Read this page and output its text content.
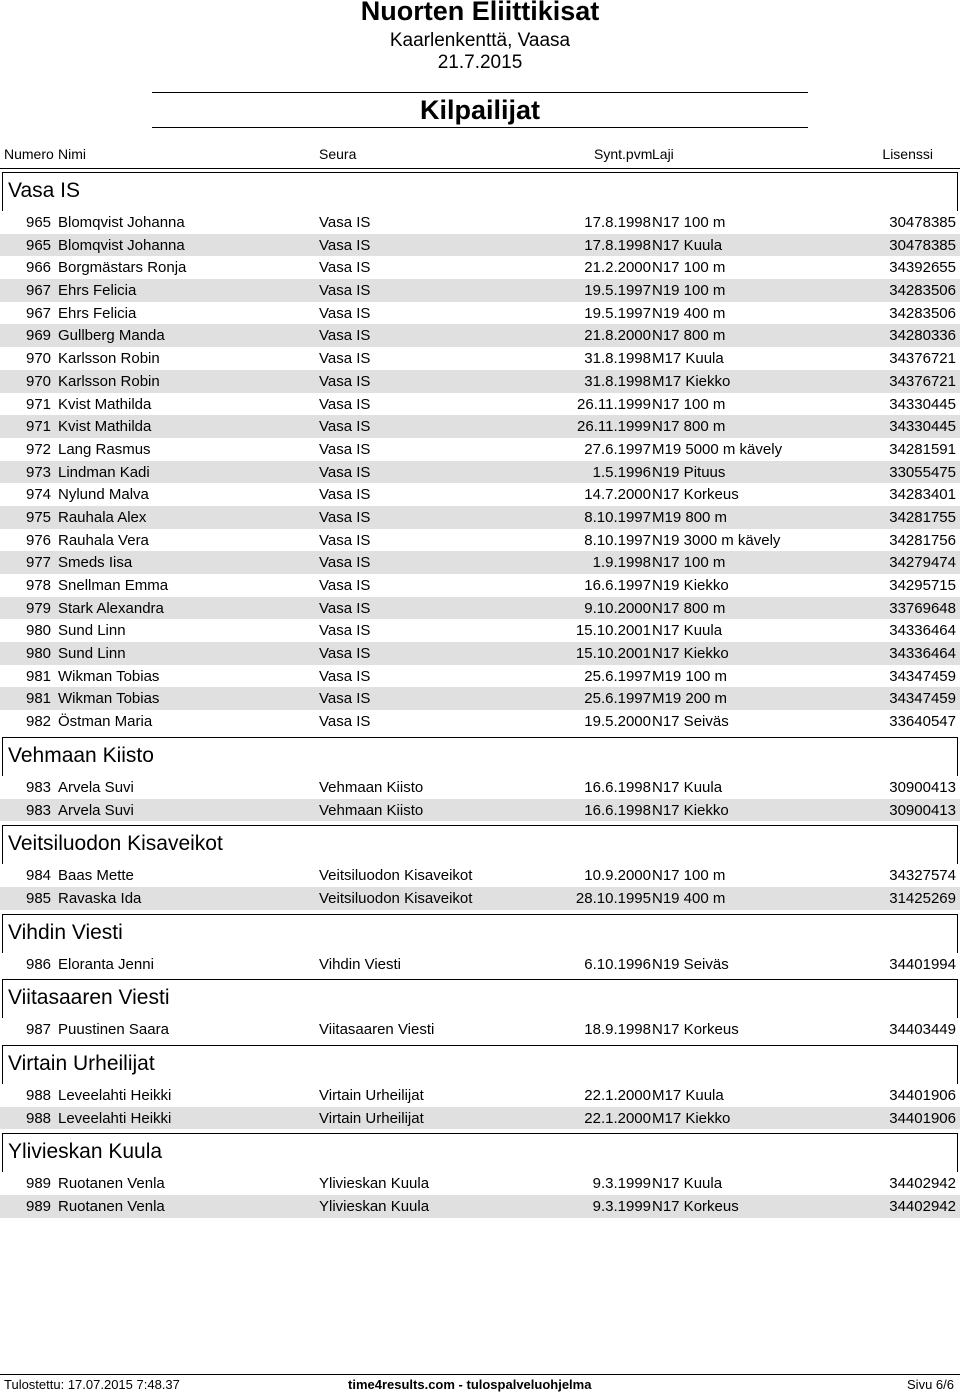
Nuorten Eliittikisat
Kaarlenkenttä, Vaasa
21.7.2015
Kilpailijat
Numero Nimi	Seura	Synt.pvm Laji	Lisenssi
Vasa IS
965 Blomqvist Johanna	Vasa IS	17.8.1998 N17 100 m	30478385
965 Blomqvist Johanna	Vasa IS	17.8.1998 N17 Kuula	30478385
966 Borgmästars Ronja	Vasa IS	21.2.2000 N17 100 m	34392655
967 Ehrs Felicia	Vasa IS	19.5.1997 N19 100 m	34283506
967 Ehrs Felicia	Vasa IS	19.5.1997 N19 400 m	34283506
969 Gullberg Manda	Vasa IS	21.8.2000 N17 800 m	34280336
970 Karlsson Robin	Vasa IS	31.8.1998 M17 Kuula	34376721
970 Karlsson Robin	Vasa IS	31.8.1998 M17 Kiekko	34376721
971 Kvist Mathilda	Vasa IS	26.11.1999 N17 100 m	34330445
971 Kvist Mathilda	Vasa IS	26.11.1999 N17 800 m	34330445
972 Lang Rasmus	Vasa IS	27.6.1997 M19 5000 m kävely	34281591
973 Lindman Kadi	Vasa IS	1.5.1996 N19 Pituus	33055475
974 Nylund Malva	Vasa IS	14.7.2000 N17 Korkeus	34283401
975 Rauhala Alex	Vasa IS	8.10.1997 M19 800 m	34281755
976 Rauhala Vera	Vasa IS	8.10.1997 N19 3000 m kävely	34281756
977 Smeds Iisa	Vasa IS	1.9.1998 N17 100 m	34279474
978 Snellman Emma	Vasa IS	16.6.1997 N19 Kiekko	34295715
979 Stark Alexandra	Vasa IS	9.10.2000 N17 800 m	33769648
980 Sund Linn	Vasa IS	15.10.2001 N17 Kuula	34336464
980 Sund Linn	Vasa IS	15.10.2001 N17 Kiekko	34336464
981 Wikman Tobias	Vasa IS	25.6.1997 M19 100 m	34347459
981 Wikman Tobias	Vasa IS	25.6.1997 M19 200 m	34347459
982 Östman Maria	Vasa IS	19.5.2000 N17 Seiväs	33640547
Vehmaan Kiisto
983 Arvela Suvi	Vehmaan Kiisto	16.6.1998 N17 Kuula	30900413
983 Arvela Suvi	Vehmaan Kiisto	16.6.1998 N17 Kiekko	30900413
Veitsiluodon Kisaveikot
984 Baas Mette	Veitsiluodon Kisaveikot	10.9.2000 N17 100 m	34327574
985 Ravaska Ida	Veitsiluodon Kisaveikot	28.10.1995 N19 400 m	31425269
Vihdin Viesti
986 Eloranta Jenni	Vihdin Viesti	6.10.1996 N19 Seiväs	34401994
Viitasaaren Viesti
987 Puustinen Saara	Viitasaaren Viesti	18.9.1998 N17 Korkeus	34403449
Virtain Urheilijat
988 Leveelahti Heikki	Virtain Urheilijat	22.1.2000 M17 Kuula	34401906
988 Leveelahti Heikki	Virtain Urheilijat	22.1.2000 M17 Kiekko	34401906
Ylivieskan Kuula
989 Ruotanen Venla	Ylivieskan Kuula	9.3.1999 N17 Kuula	34402942
989 Ruotanen Venla	Ylivieskan Kuula	9.3.1999 N17 Korkeus	34402942
Tulostettu: 17.07.2015 7:48.37	time4results.com - tulospalveluohjelma	Sivu 6/6
